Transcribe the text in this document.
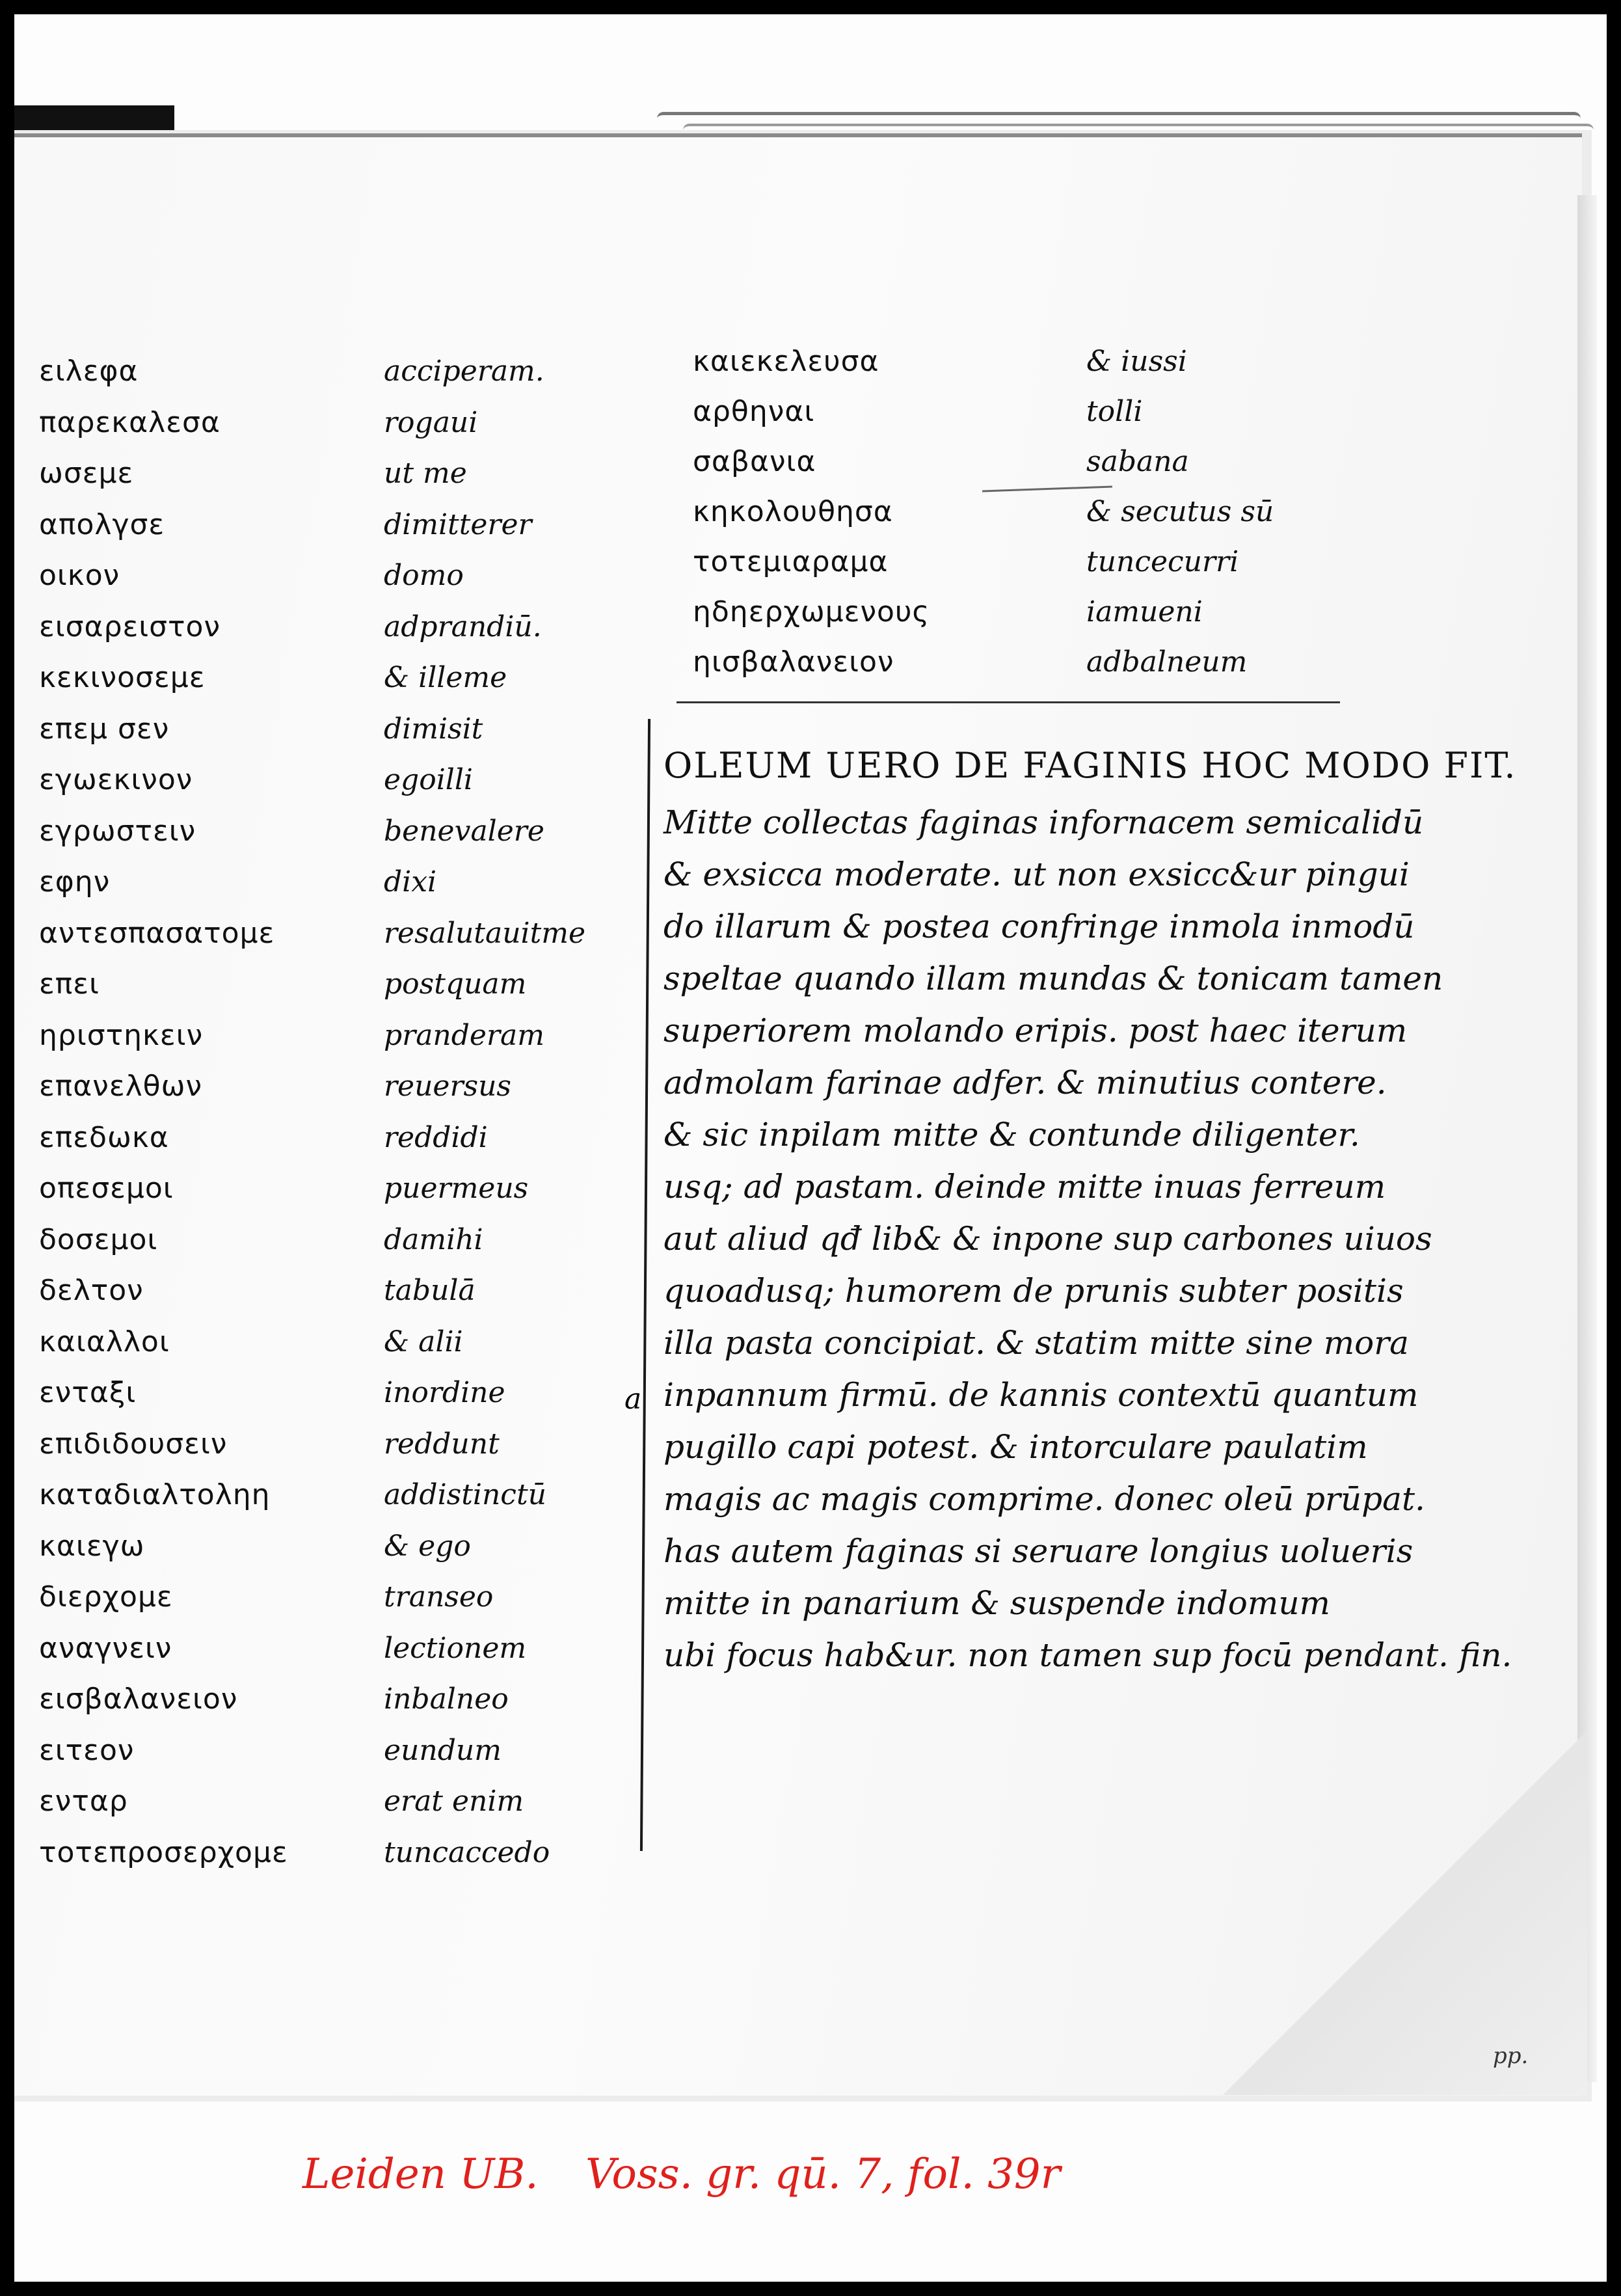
ειλεφα
παρεκαλεσα
ωσεμε
απολγσε
οικον
εισαρειστον
κεκινοσεμε
επεμ σεν
εγωεκινον
εγρωστειν
εφην
αντεσπασατομε
επει
ηριστηκειν
επανελθων
επεδωκα
οπεσεμοι
δοσεμοι
δελτον
καιαλλοι
ενταξι
επιδιδουσειν
καταδιαλτοληη
καιεγω
διερχομε
αναγνειν
εισβαλανειον
ειτεον
ενταρ
τοτεπροσερχομε
acciperam.
rogaui
ut me
dimitterer
domo
adprandiū.
& illeme
dimisit
egoilli
benevalere
dixi
resalutauitme
postquam
pranderam
reuersus
reddidi
puermeus
damihi
tabulā
& alii
inordine
reddunt
addistinctū
& ego
transeo
lectionem
inbalneo
eundum
erat enim
tuncaccedo
καιεκελευσα
αρθηναι
σαβανια
κηκολουθησα
τοτεμιαραμα
ηδηερχωμενους
ηισβαλανειον
& iussi
tolli
sabana
& secutus sū
tuncecurri
iamueni
adbalneum
OLEUM UERO DE FAGINIS HOC MODO FIT.
Mitte collectas faginas infornacem semicalidū
& exsicca moderate. ut non exsicc&ur pingui
do illarum & postea confringe inmola inmodū
speltae quando illam mundas & tonicam tamen
superiorem molando eripis. post haec iterum
admolam farinae adfer. & minutius contere.
& sic inpilam mitte & contunde diligenter.
usq; ad pastam. deinde mitte inuas ferreum
aut aliud qđ lib& & inpone sup carbones uiuos
quoadusq; humorem de prunis subter positis
illa pasta concipiat. & statim mitte sine mora
inpannum firmū. de kannis contextū quantum
pugillo capi potest. & intorculare paulatim
magis ac magis comprime. donec oleū prūpat.
has autem faginas si seruare longius uolueris
mitte in panarium & suspende indomum
ubi focus hab&ur. non tamen sup focū pendant. fin.
a
pp.
Leiden UB. Voss. gr. qū. 7, fol. 39r
